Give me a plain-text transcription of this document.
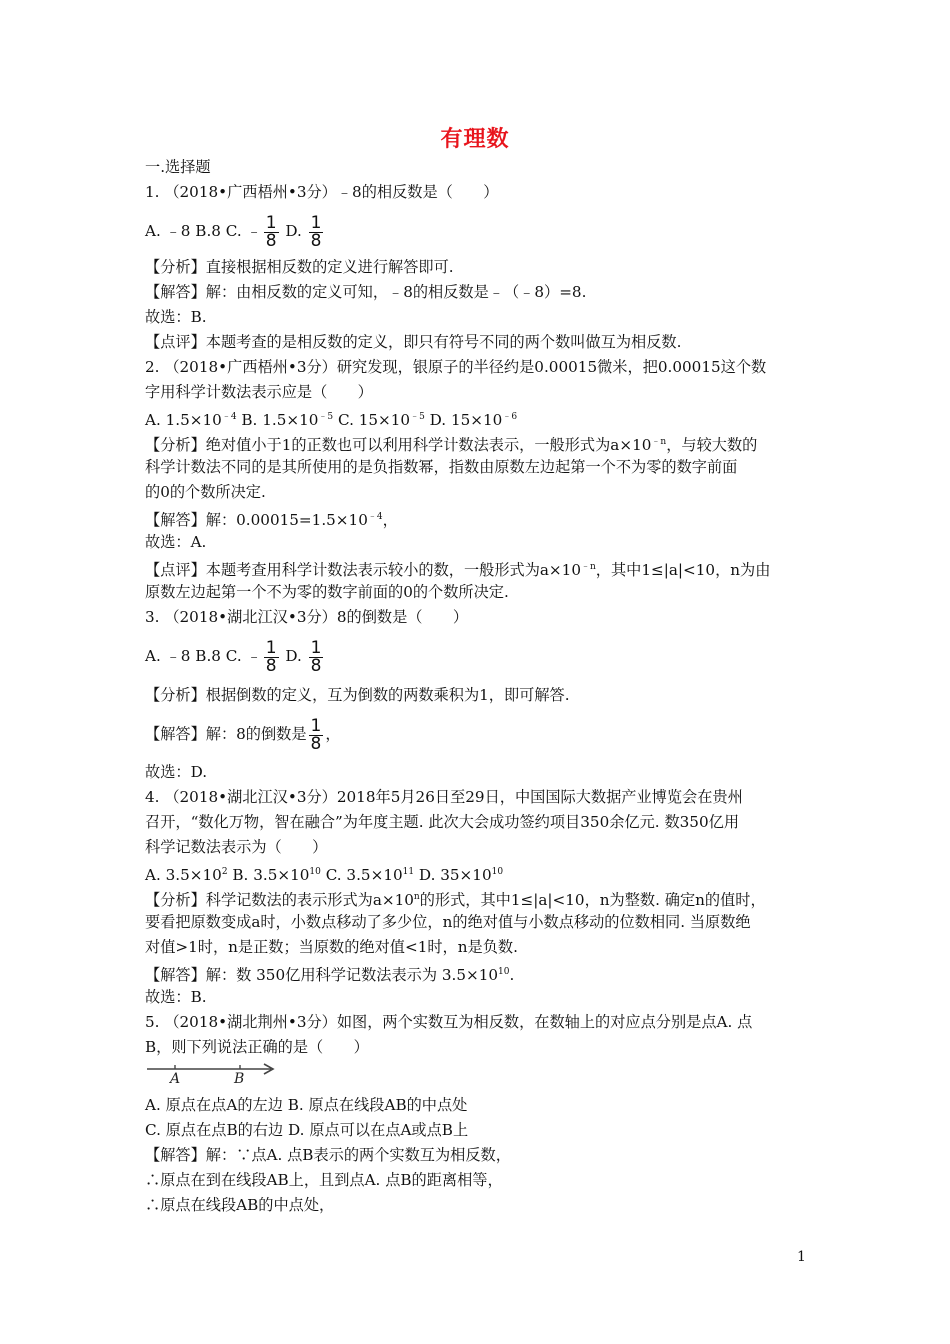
有理数
一.选择题
1. （2018•广西梧州•3分）﹣8的相反数是（　　）
A. ﹣8 B.8 C. ﹣ $\frac{1}{8} D$. $\frac{1}{8}$
【分析】直接根据相反数的定义进行解答即可.
【解答】解：由相反数的定义可知，﹣8的相反数是﹣（﹣8）=8.
故选：B.
【点评】本题考查的是相反数的定义，即只有符号不同的两个数叫做互为相反数.
2. （2018•广西梧州•3分）研究发现，银原子的半径约是0.00015微米，把0.00015这个数
字用科学计数法表示应是（　　）
A. $1.5\times 10^{﹣4}$ B. $1.5\times 10^{﹣5}$ C. $15\times 10^{﹣5}$ D. $15\times 10^{﹣6}$
【分析】绝对值小于1的正数也可以利用科学计数法表示，一般形式为$a\times 10^{﹣n}$，与较大数的
科学计数法不同的是其所使用的是负指数幂，指数由原数左边起第一个不为零的数字前面
的0的个数所决定.
【解答】解：$0.00015=1.5\times 10^{﹣4}$，
故选：A.
【点评】本题考查用科学计数法表示较小的数，一般形式为$a\times 10^{﹣n}$，其中1≤|a|<10，n为由
原数左边起第一个不为零的数字前面的0的个数所决定.
3. （2018•湖北江汉•3分）8的倒数是（　　）
A. ﹣8 B.8 C. ﹣ $\frac{1}{8} D$. $\frac{1}{8}$
【分析】根据倒数的定义，互为倒数的两数乘积为1，即可解答.
【解答】解：8的倒数是 $\frac{1}{8}$ ，
故选：D.
4. （2018•湖北江汉•3分）2018年5月26日至29日，中国国际大数据产业博览会在贵州
召开，“数化万物，智在融合”为年度主题. 此次大会成功签约项目350余亿元. 数350亿用
科学记数法表示为（　　）
A. $3.5\times 10^2$ B. $3.5\times 10^{10}$ C. $3.5\times 10^{11}$ D. $35\times 10^{10}$
【分析】科学记数法的表示形式为$a\times 10^n$的形式，其中1≤|a|<10，n为整数. 确定n的值时，
要看把原数变成a时，小数点移动了多少位，n的绝对值与小数点移动的位数相同. 当原数绝
对值>1时，n是正数；当原数的绝对值<1时，n是负数.
【解答】解：数 350亿用科学记数法表示为 $3.5\times 10^{10}$.
故选：B.
5. （2018•湖北荆州•3分）如图，两个实数互为相反数，在数轴上的对应点分别是点A. 点
B，则下列说法正确的是（　　）
A	B
A. 原点在点A的左边 B. 原点在线段AB的中点处
C. 原点在点B的右边 D. 原点可以在点A或点B上
【解答】解：∵点A. 点B表示的两个实数互为相反数，
∴原点在到在线段AB上，且到点A. 点B的距离相等，
∴原点在线段AB的中点处，
1
